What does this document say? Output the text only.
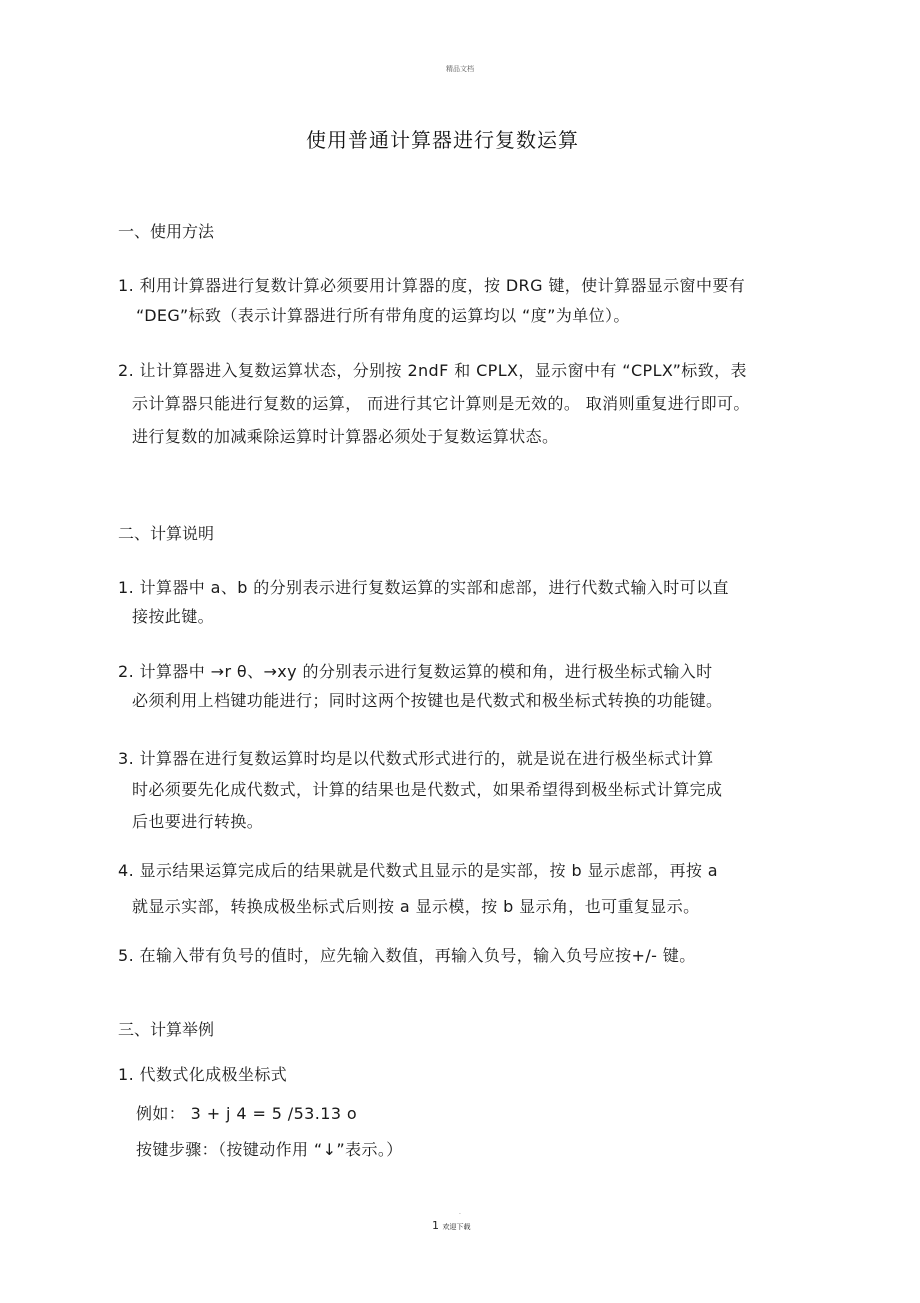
精品文档
使用普通计算器进行复数运算
一、使用方法
1. 利用计算器进行复数计算必须要用计算器的度，按 DRG 键，使计算器显示窗中要有
“DEG”标致（表示计算器进行所有带角度的运算均以 “度”为单位）。
2. 让计算器进入复数运算状态，分别按 2ndF 和 CPLX，显示窗中有 “CPLX”标致，表
示计算器只能进行复数的运算， 而进行其它计算则是无效的。 取消则重复进行即可。
进行复数的加减乘除运算时计算器必须处于复数运算状态。
二、计算说明
1. 计算器中 a、b 的分别表示进行复数运算的实部和虑部，进行代数式输入时可以直
接按此键。
2. 计算器中 →r θ、→xy 的分别表示进行复数运算的模和角，进行极坐标式输入时
必须利用上档键功能进行；同时这两个按键也是代数式和极坐标式转换的功能键。
3. 计算器在进行复数运算时均是以代数式形式进行的，就是说在进行极坐标式计算
时必须要先化成代数式，计算的结果也是代数式，如果希望得到极坐标式计算完成
后也要进行转换。
4. 显示结果运算完成后的结果就是代数式且显示的是实部，按 b 显示虑部，再按 a
就显示实部，转换成极坐标式后则按 a 显示模，按 b 显示角，也可重复显示。
5. 在输入带有负号的值时，应先输入数值，再输入负号，输入负号应按+/- 键。
三、计算举例
1. 代数式化成极坐标式
例如： 3 + j 4 = 5 /53.13 o
按键步骤：（按键动作用 “↓”表示。）
.
1 欢迎下载
